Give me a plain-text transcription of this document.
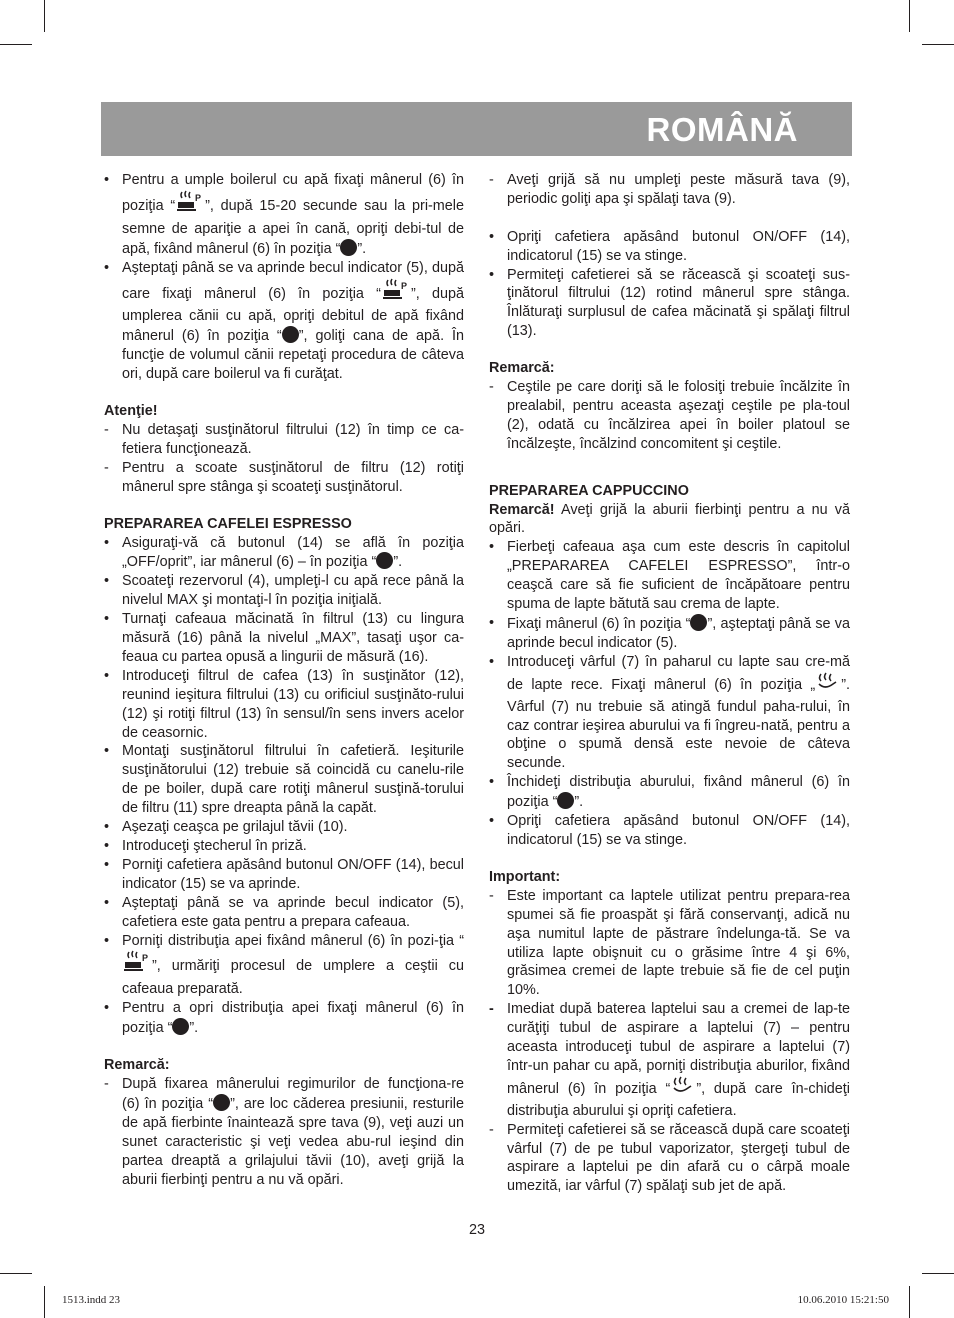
ROMÂNĂ
• Pentru a umple boilerul cu apă fixaţi mânerul (6) în poziţia “ P ”, după 15-20 secunde sau la pri-mele semne de apariţie a apei în cană, opriţi debi-tul de apă, fixând mânerul (6) în poziţia “ ”.
• Aşteptaţi până se va aprinde becul indicator (5), după care fixaţi mânerul (6) în poziţia “ P ”, după umplerea cănii cu apă, opriţi debitul de apă fixând mânerul (6) în poziţia “ ”, goliţi cana de apă. În funcţie de volumul cănii repetaţi procedura de câteva ori, după care boilerul va fi curăţat.
Atenţie!
- Nu detaşaţi susţinătorul filtrului (12) în timp ce ca-fetiera funcţionează.
- Pentru a scoate susţinătorul de filtru (12) rotiţi mânerul spre stânga şi scoateţi susţinătorul.
PREPARAREA CAFELEI ESPRESSO
• Asiguraţi-vă că butonul (14) se află în poziţia „OFF/oprit”, iar mânerul (6) – în poziţia “ ”.
• Scoateţi rezervorul (4), umpleţi-l cu apă rece până la nivelul MAX şi montaţi-l în poziţia iniţială.
• Turnaţi cafeaua măcinată în filtrul (13) cu lingura măsură (16) până la nivelul „MAX”, tasaţi uşor ca-feaua cu partea opusă a lingurii de măsură (16).
• Introduceţi filtrul de cafea (13) în susţinător (12), reunind ieşitura filtrului (13) cu orificiul susţinăto-rului (12) şi rotiţi filtrul (13) în sensul/în sens invers acelor de ceasornic.
• Montaţi susţinătorul filtrului în cafetieră. Ieşiturile susţinătorului (12) trebuie să coincidă cu canelu-rile de pe boiler, după care rotiţi mânerul susţină-torului de filtru (11) spre dreapta până la capăt.
• Aşezaţi ceaşca pe grilajul tăvii (10).
• Introduceţi ştecherul în priză.
• Porniţi cafetiera apăsând butonul ON/OFF (14), becul indicator (15) se va aprinde.
• Aşteptaţi până se va aprinde becul indicator (5), cafetiera este gata pentru a prepara cafeaua.
• Porniţi distribuţia apei fixând mânerul (6) în pozi-ţia “
P ”, urmăriţi procesul de umplere a ceştii cu cafeaua preparată.
• Pentru a opri distribuţia apei fixaţi mânerul (6) în poziţia “ ”.
Remarcă:
- După fixarea mânerului regimurilor de funcţiona-re (6) în poziţia “ ”, are loc căderea presiunii, resturile de apă fierbinte înaintează spre tava (9), veţi auzi un sunet caracteristic şi veţi vedea abu-rul ieşind din partea dreaptă a grilajului tăvii (10), aveţi grijă la aburii fierbinţi pentru a nu vă opări.
- Aveţi grijă să nu umpleţi peste măsură tava (9), periodic goliţi apa şi spălaţi tava (9).
• Opriţi cafetiera apăsând butonul ON/OFF (14), indicatorul (15) se va stinge.
• Permiteţi cafetierei să se răcească şi scoateţi sus-ţinătorul filtrului (12) rotind mânerul spre stânga. Înlăturaţi surplusul de cafea măcinată şi spălaţi filtrul (13).
Remarcă:
- Ceştile pe care doriţi să le folosiţi trebuie încălzite în prealabil, pentru aceasta aşezaţi ceştile pe pla-toul (2), odată cu încălzirea apei în boiler platoul se încălzeşte, încălzind concomitent şi ceştile.
PREPARAREA CAPPUCCINO
Remarcă! Aveţi grijă la aburii fierbinţi pentru a nu vă opări.
• Fierbeţi cafeaua aşa cum este descris în capitolul „PREPARAREA CAFELEI ESPRESSO”, într-o ceaşcă care să fie suficient de încăpătoare pentru spuma de lapte bătută sau crema de lapte.
• Fixaţi mânerul (6) în poziţia “ ”, aşteptaţi până se va aprinde becul indicator (5).
• Introduceţi vârful (7) în paharul cu lapte sau cre-mă de lapte rece. Fixaţi mânerul (6) în poziţia „ ”. Vârful (7) nu trebuie să atingă fundul paha-rului, în caz contrar ieşirea aburului va fi îngreu-nată, pentru a obţine o spumă densă este nevoie de câteva secunde.
• Închideţi distribuţia aburului, fixând mânerul (6) în poziţia “ ”.
• Opriţi cafetiera apăsând butonul ON/OFF (14), indicatorul (15) se va stinge.
Important:
- Este important ca laptele utilizat pentru prepara-rea spumei să fie proaspăt şi fără conservanţi, adică nu aşa numitul lapte de păstrare îndelunga-tă. Se va utiliza lapte obişnuit cu o grăsime între 4 şi 6%, grăsimea cremei de lapte trebuie să fie de cel puţin 10%.
- Imediat după baterea laptelui sau a cremei de lap-te curăţiţi tubul de aspirare a laptelui (7) – pentru aceasta introduceţi tubul de aspirare a laptelui (7) într-un pahar cu apă, porniţi distribuţia aburilor, fixând mânerul (6) în poziţia “ ”, după care în-chideţi distribuţia aburului şi opriţi cafetiera.
- Permiteţi cafetierei să se răcească după care scoateţi vârful (7) de pe tubul vaporizator, ştergeţi tubul de aspirare a laptelui pe din afară cu o cârpă moale umezită, iar vârful (7) spălaţi sub jet de apă.
23
1513.indd 23	10.06.2010 15:21:50
